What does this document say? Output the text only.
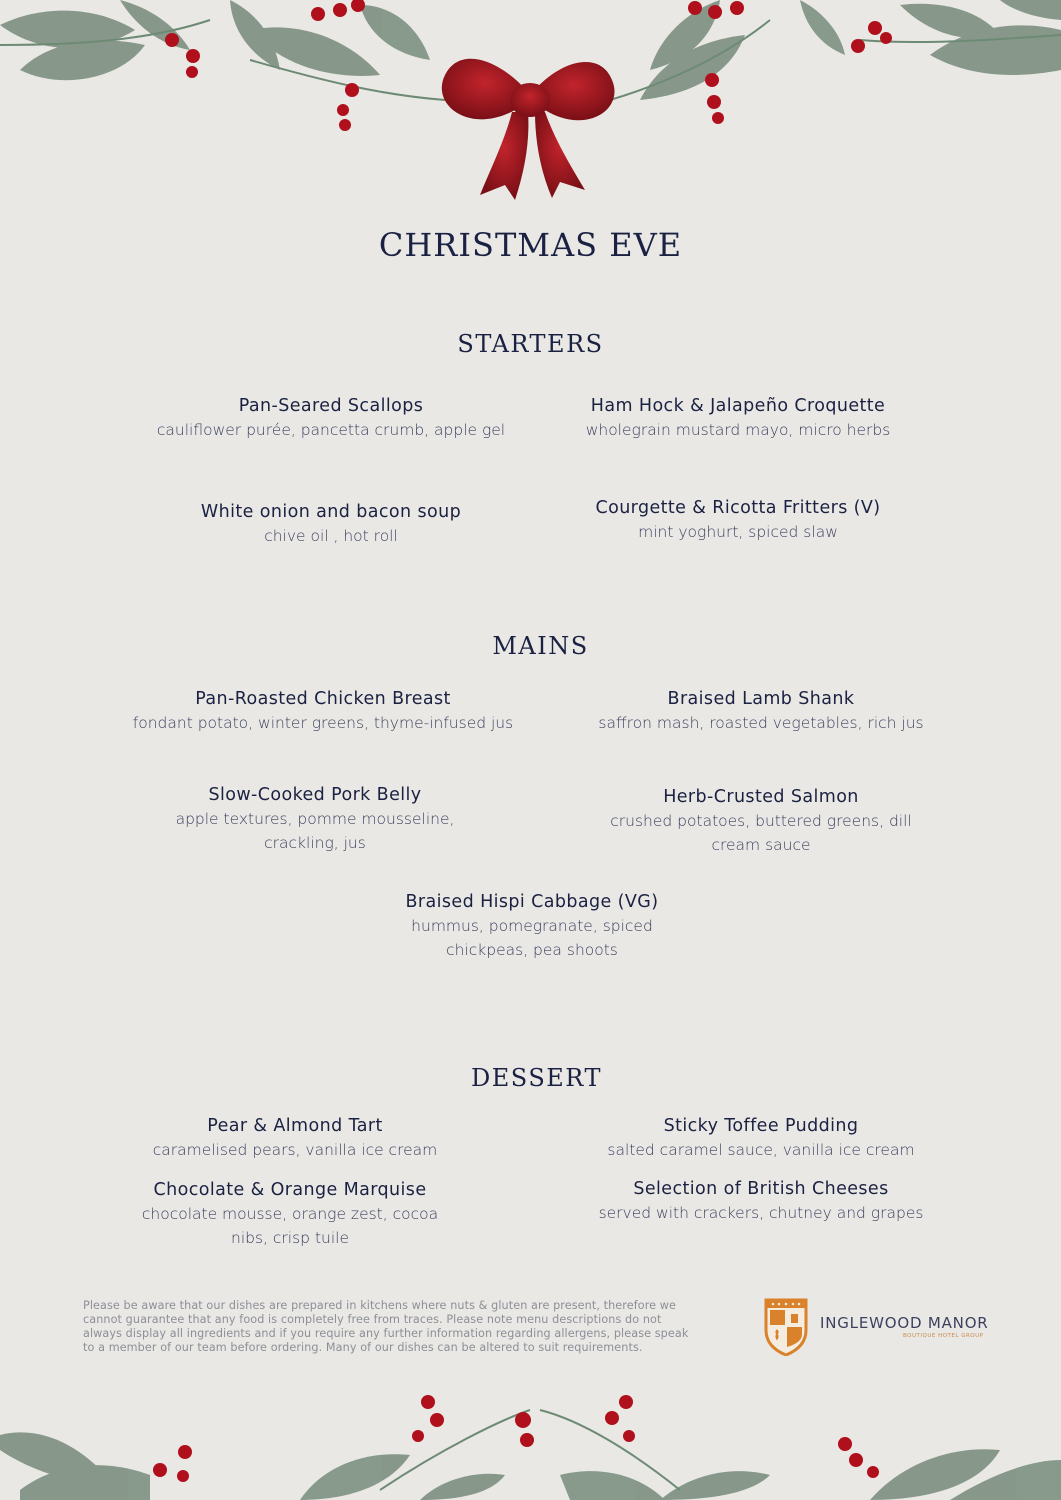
CHRISTMAS EVE
STARTERS
Pan-Seared Scallops
cauliflower purée, pancetta crumb, apple gel
Ham Hock & Jalapeño Croquette
wholegrain mustard mayo, micro herbs
White onion and bacon soup
chive oil , hot roll
Courgette & Ricotta Fritters (V)
mint yoghurt, spiced slaw
MAINS
Pan-Roasted Chicken Breast
fondant potato, winter greens, thyme-infused jus
Braised Lamb Shank
saffron mash, roasted vegetables, rich jus
Slow-Cooked Pork Belly
apple textures, pomme mousseline,
crackling, jus
Herb-Crusted Salmon
crushed potatoes, buttered greens, dill
cream sauce
Braised Hispi Cabbage (VG)
hummus, pomegranate, spiced
chickpeas, pea shoots
DESSERT
Pear & Almond Tart
caramelised pears, vanilla ice cream
Sticky Toffee Pudding
salted caramel sauce, vanilla ice cream
Chocolate & Orange Marquise
chocolate mousse, orange zest, cocoa
nibs, crisp tuile
Selection of British Cheeses
served with crackers, chutney and grapes
Please be aware that our dishes are prepared in kitchens where nuts & gluten are present, therefore we
cannot guarantee that any food is completely free from traces. Please note menu descriptions do not
always display all ingredients and if you require any further information regarding allergens, please speak
to a member of our team before ordering. Many of our dishes can be altered to suit requirements.
INGLEWOOD MANOR
BOUTIQUE HOTEL GROUP
